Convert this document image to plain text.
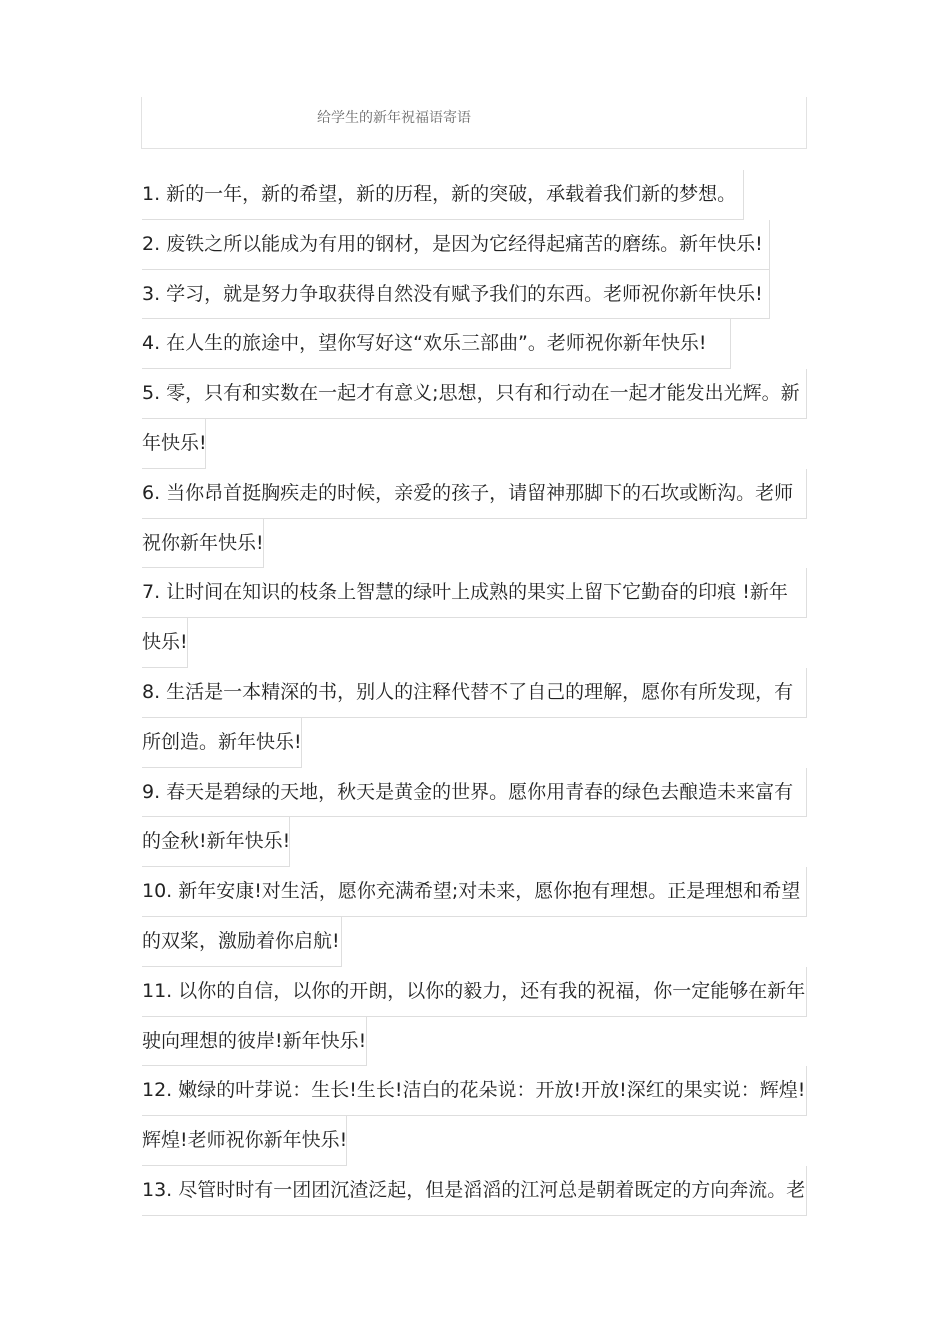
给学生的新年祝福语寄语
1. 新的一年，新的希望，新的历程，新的突破，承载着我们新的梦想。
2. 废铁之所以能成为有用的钢材，是因为它经得起痛苦的磨练。新年快乐!
3. 学习，就是努力争取获得自然没有赋予我们的东西。老师祝你新年快乐!
4. 在人生的旅途中，望你写好这“欢乐三部曲”。老师祝你新年快乐!
5. 零，只有和实数在一起才有意义;思想，只有和行动在一起才能发出光辉。新
年快乐!
6. 当你昂首挺胸疾走的时候，亲爱的孩子，请留神那脚下的石坎或断沟。老师
祝你新年快乐!
7. 让时间在知识的枝条上智慧的绿叶上成熟的果实上留下它勤奋的印痕 !新年
快乐!
8. 生活是一本精深的书，别人的注释代替不了自己的理解，愿你有所发现，有
所创造。新年快乐!
9. 春天是碧绿的天地，秋天是黄金的世界。愿你用青春的绿色去酿造未来富有
的金秋!新年快乐!
10. 新年安康!对生活，愿你充满希望;对未来，愿你抱有理想。正是理想和希望
的双桨，激励着你启航!
11. 以你的自信，以你的开朗，以你的毅力，还有我的祝福，你一定能够在新年
驶向理想的彼岸!新年快乐!
12. 嫩绿的叶芽说：生长!生长!洁白的花朵说：开放!开放!深红的果实说：辉煌!
辉煌!老师祝你新年快乐!
13. 尽管时时有一团团沉渣泛起，但是滔滔的江河总是朝着既定的方向奔流。老
